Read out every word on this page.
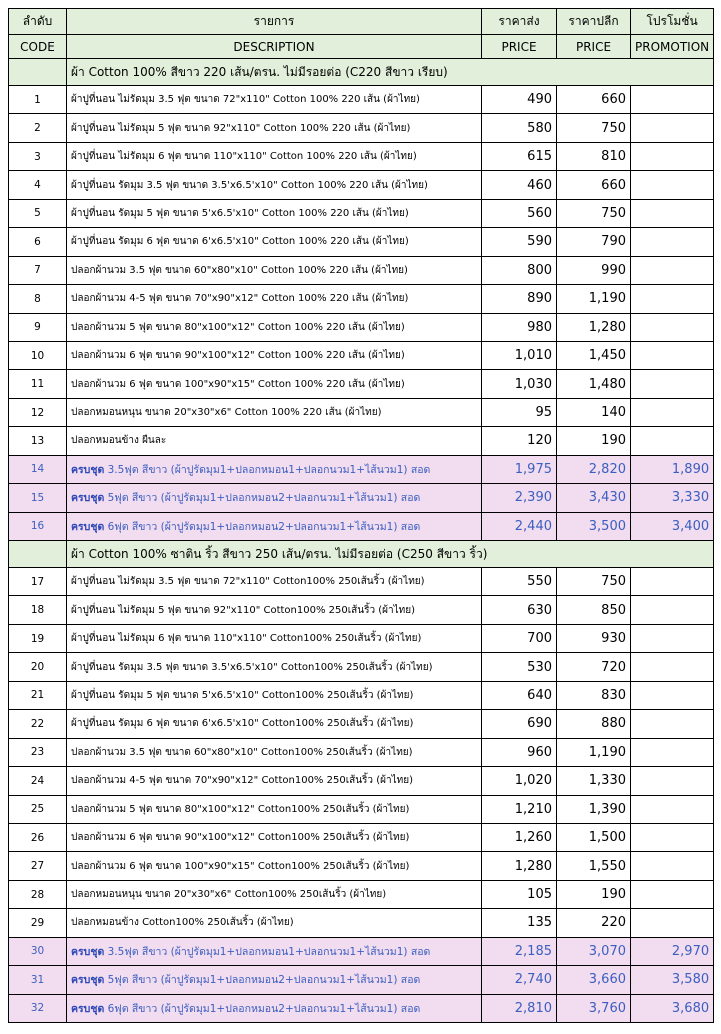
ลำดับ	รายการ	ราคาส่ง	ราคาปลีก	โปรโมชั่น
CODE	DESCRIPTION	PRICE	PRICE	PROMOTION
	ผ้า Cotton 100% สีขาว 220 เส้น/ตรน. ไม่มีรอยต่อ (C220 สีขาว เรียบ)			
1	ผ้าปูที่นอน ไม่รัดมุม 3.5 ฟุต ขนาด 72"x110" Cotton 100% 220 เส้น (ผ้าไทย)	490	660	
2	ผ้าปูที่นอน ไม่รัดมุม 5 ฟุต ขนาด 92"x110" Cotton 100% 220 เส้น (ผ้าไทย)	580	750	
3	ผ้าปูที่นอน ไม่รัดมุม 6 ฟุต ขนาด 110"x110" Cotton 100% 220 เส้น (ผ้าไทย)	615	810	
4	ผ้าปูที่นอน รัดมุม 3.5 ฟุต ขนาด 3.5'x6.5'x10" Cotton 100% 220 เส้น (ผ้าไทย)	460	660	
5	ผ้าปูที่นอน รัดมุม 5 ฟุต ขนาด 5'x6.5'x10" Cotton 100% 220 เส้น (ผ้าไทย)	560	750	
6	ผ้าปูที่นอน รัดมุม 6 ฟุต ขนาด 6'x6.5'x10" Cotton 100% 220 เส้น (ผ้าไทย)	590	790	
7	ปลอกผ้านวม 3.5 ฟุต ขนาด 60"x80"x10" Cotton 100% 220 เส้น (ผ้าไทย)	800	990	
8	ปลอกผ้านวม 4-5 ฟุต ขนาด 70"x90"x12" Cotton 100% 220 เส้น (ผ้าไทย)	890	1,190	
9	ปลอกผ้านวม 5 ฟุต ขนาด 80"x100"x12" Cotton 100% 220 เส้น (ผ้าไทย)	980	1,280	
10	ปลอกผ้านวม 6 ฟุต ขนาด 90"x100"x12" Cotton 100% 220 เส้น (ผ้าไทย)	1,010	1,450	
11	ปลอกผ้านวม 6 ฟุต ขนาด 100"x90"x15" Cotton 100% 220 เส้น (ผ้าไทย)	1,030	1,480	
12	ปลอกหมอนหนุน ขนาด 20"x30"x6" Cotton 100% 220 เส้น (ผ้าไทย)	95	140	
13	ปลอกหมอนข้าง ผืนละ	120	190	
14	ครบชุด 3.5ฟุต สีขาว (ผ้าปูรัดมุม1+ปลอกหมอน1+ปลอกนวม1+ไส้นวม1) สอด	1,975	2,820	1,890
15	ครบชุด 5ฟุต สีขาว (ผ้าปูรัดมุม1+ปลอกหมอน2+ปลอกนวม1+ไส้นวม1) สอด	2,390	3,430	3,330
16	ครบชุด 6ฟุต สีขาว (ผ้าปูรัดมุม1+ปลอกหมอน2+ปลอกนวม1+ไส้นวม1) สอด	2,440	3,500	3,400
	ผ้า Cotton 100% ซาติน ริ้ว สีขาว 250 เส้น/ตรน. ไม่มีรอยต่อ (C250 สีขาว ริ้ว)			
17	ผ้าปูที่นอน ไม่รัดมุม 3.5 ฟุต ขนาด 72"x110" Cotton100% 250เส้นริ้ว (ผ้าไทย)	550	750	
18	ผ้าปูที่นอน ไม่รัดมุม 5 ฟุต ขนาด 92"x110" Cotton100% 250เส้นริ้ว (ผ้าไทย)	630	850	
19	ผ้าปูที่นอน ไม่รัดมุม 6 ฟุต ขนาด 110"x110" Cotton100% 250เส้นริ้ว (ผ้าไทย)	700	930	
20	ผ้าปูที่นอน รัดมุม 3.5 ฟุต ขนาด 3.5'x6.5'x10" Cotton100% 250เส้นริ้ว (ผ้าไทย)	530	720	
21	ผ้าปูที่นอน รัดมุม 5 ฟุต ขนาด 5'x6.5'x10" Cotton100% 250เส้นริ้ว (ผ้าไทย)	640	830	
22	ผ้าปูที่นอน รัดมุม 6 ฟุต ขนาด 6'x6.5'x10" Cotton100% 250เส้นริ้ว (ผ้าไทย)	690	880	
23	ปลอกผ้านวม 3.5 ฟุต ขนาด 60"x80"x10" Cotton100% 250เส้นริ้ว (ผ้าไทย)	960	1,190	
24	ปลอกผ้านวม 4-5 ฟุต ขนาด 70"x90"x12" Cotton100% 250เส้นริ้ว (ผ้าไทย)	1,020	1,330	
25	ปลอกผ้านวม 5 ฟุต ขนาด 80"x100"x12" Cotton100% 250เส้นริ้ว (ผ้าไทย)	1,210	1,390	
26	ปลอกผ้านวม 6 ฟุต ขนาด 90"x100"x12" Cotton100% 250เส้นริ้ว (ผ้าไทย)	1,260	1,500	
27	ปลอกผ้านวม 6 ฟุต ขนาด 100"x90"x15" Cotton100% 250เส้นริ้ว (ผ้าไทย)	1,280	1,550	
28	ปลอกหมอนหนุน ขนาด 20"x30"x6" Cotton100% 250เส้นริ้ว (ผ้าไทย)	105	190	
29	ปลอกหมอนข้าง Cotton100% 250เส้นริ้ว (ผ้าไทย)	135	220	
30	ครบชุด 3.5ฟุต สีขาว (ผ้าปูรัดมุม1+ปลอกหมอน1+ปลอกนวม1+ไส้นวม1) สอด	2,185	3,070	2,970
31	ครบชุด 5ฟุต สีขาว (ผ้าปูรัดมุม1+ปลอกหมอน2+ปลอกนวม1+ไส้นวม1) สอด	2,740	3,660	3,580
32	ครบชุด 6ฟุต สีขาว (ผ้าปูรัดมุม1+ปลอกหมอน2+ปลอกนวม1+ไส้นวม1) สอด	2,810	3,760	3,680
